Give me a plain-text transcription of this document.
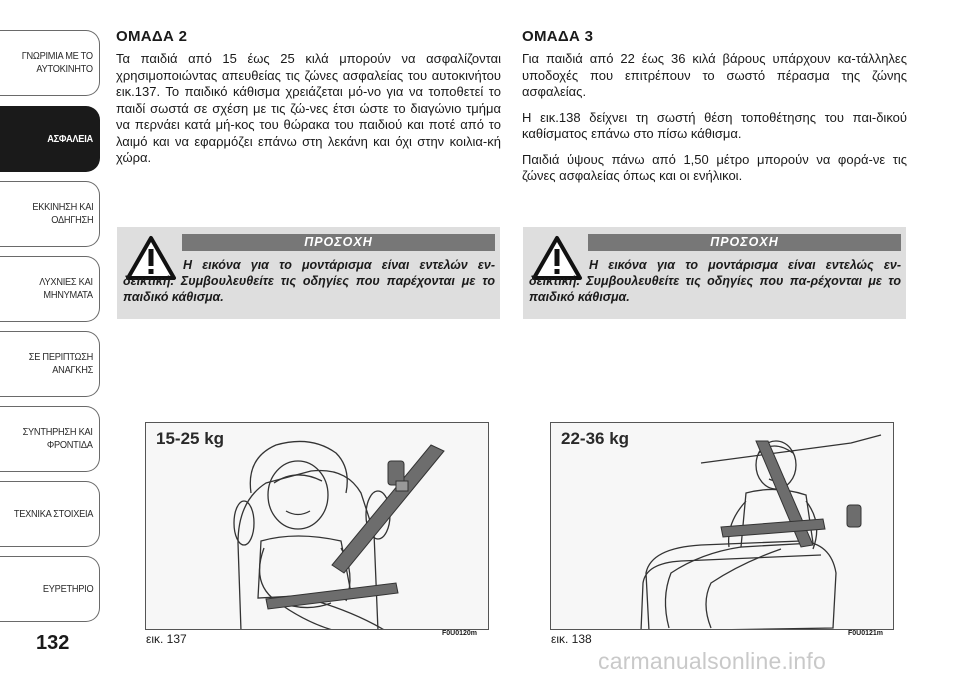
ΓΝΩΡΙΜΙΑ ΜΕ ΤΟ
ΑΥΤΟΚΙΝΗΤΟ
ΑΣΦΑΛΕΙΑ
ΕΚΚΙΝΗΣΗ ΚΑΙ
ΟΔΗΓΗΣΗ
ΛΥΧΝΙΕΣ ΚΑΙ
ΜΗΝΥΜΑΤΑ
ΣΕ ΠΕΡΙΠΤΩΣΗ
ΑΝΑΓΚΗΣ
ΣΥΝΤΗΡΗΣΗ ΚΑΙ
ΦΡΟΝΤΙΔΑ
ΤΕΧΝΙΚΑ ΣΤΟΙΧΕΙΑ
ΕΥΡΕΤΗΡΙΟ
132
ΟΜΑΔΑ 2

Τα παιδιά από 15 έως 25 κιλά μπορούν να ασφαλίζονται χρησιμοποιώντας απευθείας τις ζώνες ασφαλείας του αυτοκινήτου εικ.137. Το παιδικό κάθισμα χρειάζεται μό-νο για να τοποθετεί το παιδί σωστά σε σχέση με τις ζώ-νες έτσι ώστε το διαγώνιο τμήμα να περνάει κατά μή-κος του θώρακα του παιδιού και ποτέ από το λαιμό και να εφαρμόζει επάνω στη λεκάνη και όχι στην κοιλια-κή χώρα.

ΠΡΟΣΟΧΗ
Η εικόνα για το μοντάρισμα είναι εντελών εν-δεικτική. Συμβουλευθείτε τις οδηγίες που παρέχονται με το παιδικό κάθισμα.
ΟΜΑΔΑ 3

Για παιδιά από 22 έως 36 κιλά βάρους υπάρχουν κα-τάλληλες υποδοχές που επιτρέπουν το σωστό πέρασμα της ζώνης ασφαλείας.

Η εικ.138 δείχνει τη σωστή θέση τοποθέτησης του παι-δικού καθίσματος επάνω στο πίσω κάθισμα.

Παιδιά ύψους πάνω από 1,50 μέτρο μπορούν να φορά-νε τις ζώνες ασφαλείας όπως και οι ενήλικοι.

ΠΡΟΣΟΧΗ
Η εικόνα για το μοντάρισμα είναι εντελώς εν-δεικτική. Συμβουλευθείτε τις οδηγίες που πα-ρέχονται με το παιδικό κάθισμα.
15-25 kg
εικ. 137	F0U0120m
22-36 kg
εικ. 138	F0U0121m
carmanualsonline.info
